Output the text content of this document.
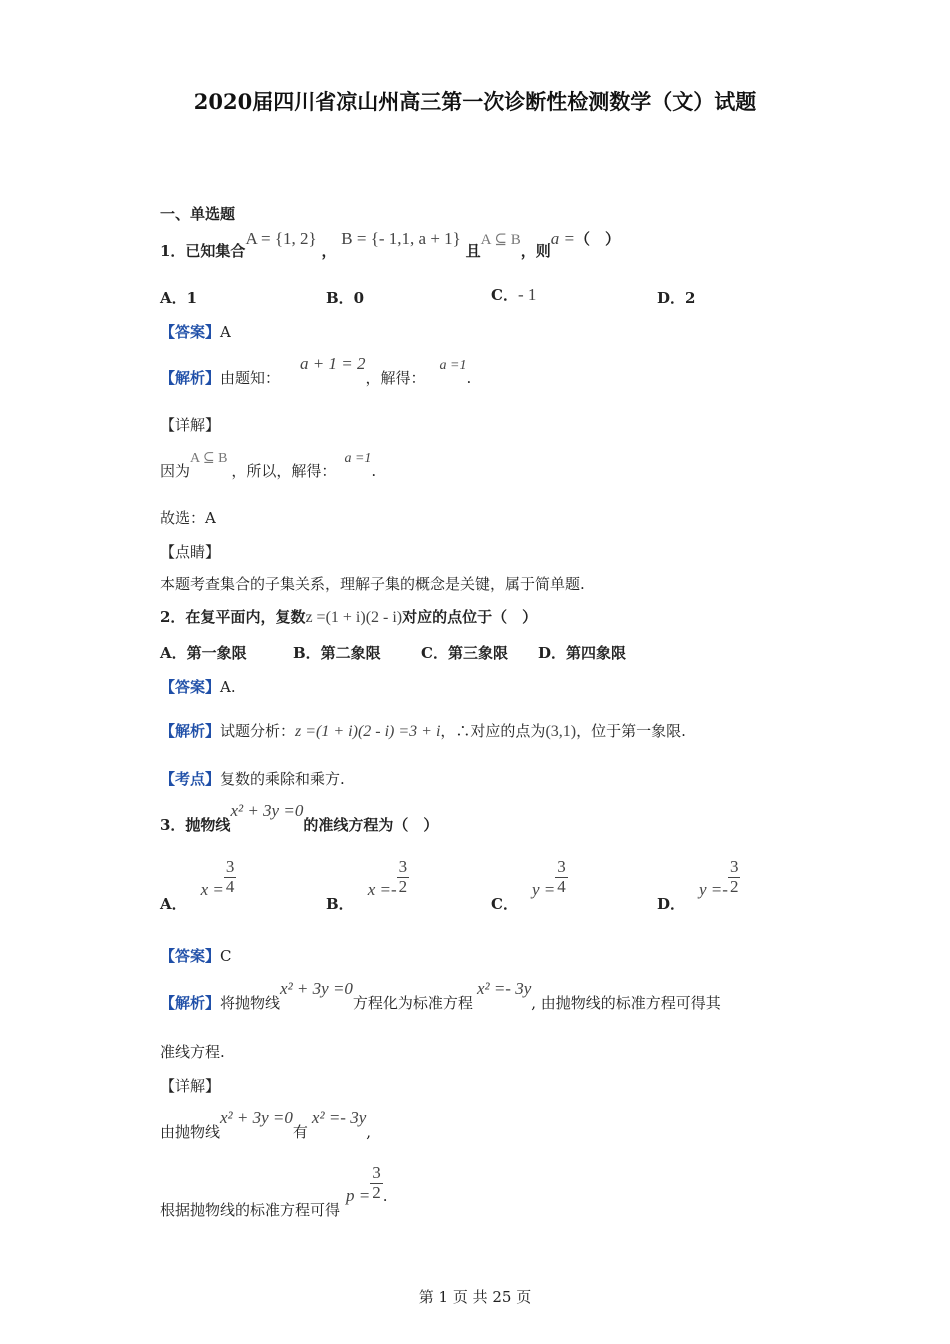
2020届四川省凉山州高三第一次诊断性检测数学（文）试题
一、单选题
1．已知集合A = {1, 2} ， B = {- 1,1, a + 1} 且A ⊆ B，则a =（　）
A．1	B．0	C．- 1	D．2
【答案】A
【解析】由题知：a + 1 = 2，解得：a =1.
【详解】
因为A ⊆ B，所以，解得：a =1.
故选：A
【点睛】
本题考查集合的子集关系，理解子集的概念是关键，属于简单题.
2．在复平面内，复数z =(1 + i)(2 - i)对应的点位于（　）
A．第一象限	B．第二象限	C．第三象限 D．第四象限
【答案】A.
【解析】试题分析：z =(1 + i)(2 - i) =3 + i，∴对应的点为(3,1)，位于第一象限.
【考点】复数的乘除和乘方.
3．抛物线x² + 3y =0的准线方程为（　）
A．$x = \frac{3}{4}$
B．$x =- \frac{3}{2}$
C．$y = \frac{3}{4}$
D．$y =- \frac{3}{2}$
【答案】C
【解析】将抛物线x² + 3y =0方程化为标准方程x² =- 3y, 由抛物线的标准方程可得其
准线方程.
【详解】
由抛物线x² + 3y =0有x² =- 3y,
根据抛物线的标准方程可得$p = \frac{3}{2}$ .
第 1 页 共 25 页
